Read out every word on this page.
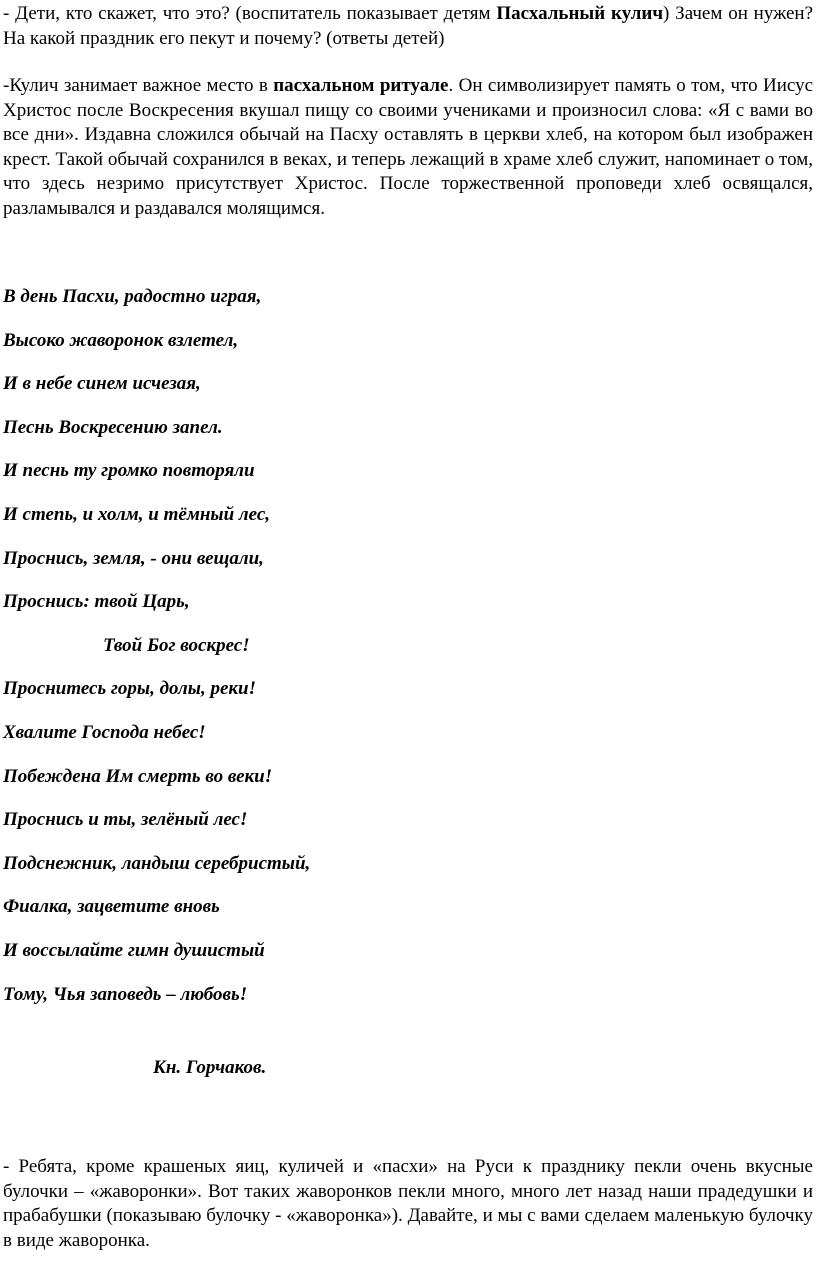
- Дети, кто скажет, что это? (воспитатель показывает детям Пасхальный кулич) Зачем он нужен? На какой праздник его пекут и почему? (ответы детей)

-Кулич занимает важное место в пасхальном ритуале. Он символизирует память о том, что Иисус Христос после Воскресения вкушал пищу со своими учениками и произносил слова: «Я с вами во все дни». Издавна сложился обычай на Пасху оставлять в церкви хлеб, на котором был изображен крест. Такой обычай сохранился в веках, и теперь лежащий в храме хлеб служит, напоминает о том, что здесь незримо присутствует Христос. После торжественной проповеди хлеб освящался, разламывался и раздавался молящимся.

В день Пасхи, радостно играя,

Высоко жаворонок взлетел,

И в небе синем исчезая,

Песнь Воскресению запел.

И песнь ту громко повторяли

И степь, и холм, и тёмный лес,

Проснись, земля, - они вещали,

Проснись: твой Царь,

Твой Бог воскрес!

Проснитесь горы, долы, реки!

Хвалите Господа небес!

Побеждена Им смерть во веки!

Проснись и ты, зелёный лес!

Подснежник, ландыш серебристый,

Фиалка, зацветите вновь

И воссылайте гимн душистый

Тому, Чья заповедь – любовь!

Кн. Горчаков.

- Ребята, кроме крашеных яиц, куличей и «пасхи» на Руси к празднику пекли очень вкусные булочки – «жаворонки». Вот таких жаворонков пекли много, много лет назад наши прадедушки и прабабушки (показываю булочку - «жаворонка»). Давайте, и мы с вами сделаем маленькую булочку в виде жаворонка.
